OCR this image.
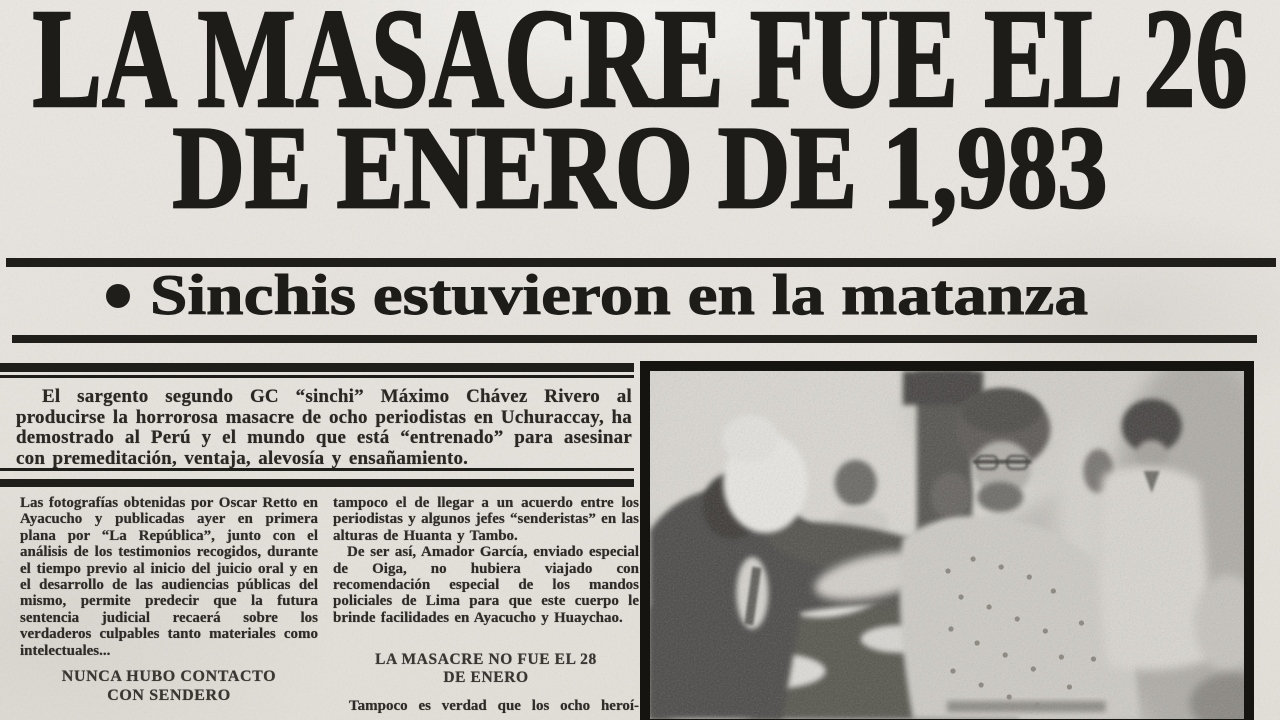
LA MASACRE FUE EL 26
DE ENERO DE 1,983
Sinchis estuvieron en la matanza

El sargento segundo GC “sinchi” Máximo Chávez Rivero al producirse la horrorosa masacre de ocho periodistas en Uchuraccay, ha demostrado al Perú y el mundo que está “entrenado” para asesinar con premeditación, ventaja, alevosía y ensañamiento.

Las fotografías obtenidas por Oscar Retto en Ayacucho y publicadas ayer en primera plana por “La República”, junto con el análisis de los testimonios recogidos, durante el tiempo previo al inicio del juicio oral y en el desarrollo de las audiencias públicas del mismo, permite predecir que la futura sentencia judicial recaerá sobre los verdaderos culpables tanto materiales como intelectuales...

NUNCA HUBO CONTACTO
CON SENDERO

tampoco el de llegar a un acuerdo entre los periodistas y algunos jefes “senderistas” en las alturas de Huanta y Tambo.

De ser así, Amador García, enviado especial de Oiga, no hubiera viajado con recomendación especial de los mandos policiales de Lima para que este cuerpo le brinde facilidades en Ayacucho y Huaychao.

LA MASACRE NO FUE EL 28
DE ENERO

Tampoco es verdad que los ocho heroí-
